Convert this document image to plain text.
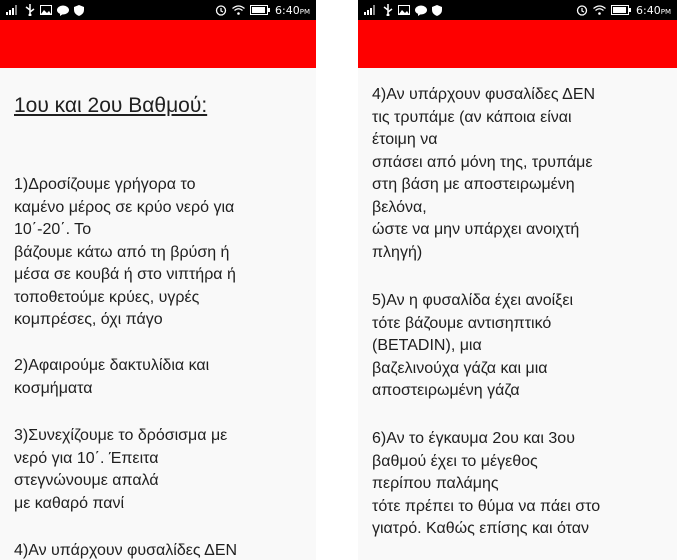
6:40PM
1ου και 2ου Βαθμού:
1)Δροσίζουμε γρήγορα το
καμένο μέρος σε κρύο νερό για
10΄-20΄. Το
βάζουμε κάτω από τη βρύση ή
μέσα σε κουβά ή στο νιπτήρα ή
τοποθετούμε κρύες, υγρές
κομπρέσες, όχι πάγο
2)Αφαιρούμε δακτυλίδια και
κοσμήματα
3)Συνεχίζουμε το δρόσισμα με
νερό για 10΄. Έπειτα
στεγνώνουμε απαλά
με καθαρό πανί
4)Αν υπάρχουν φυσαλίδες ΔΕΝ
6:40PM
4)Αν υπάρχουν φυσαλίδες ΔΕΝ
τις τρυπάμε (αν κάποια είναι
έτοιμη να
σπάσει από μόνη της, τρυπάμε
στη βάση με αποστειρωμένη
βελόνα,
ώστε να μην υπάρχει ανοιχτή
πληγή)
5)Αν η φυσαλίδα έχει ανοίξει
τότε βάζουμε αντισηπτικό
(BETADIN), μια
βαζελινούχα γάζα και μια
αποστειρωμένη γάζα
6)Αν το έγκαυμα 2ου και 3ου
βαθμού έχει το μέγεθος
περίπου παλάμης
τότε πρέπει το θύμα να πάει στο
γιατρό. Καθώς επίσης και όταν
